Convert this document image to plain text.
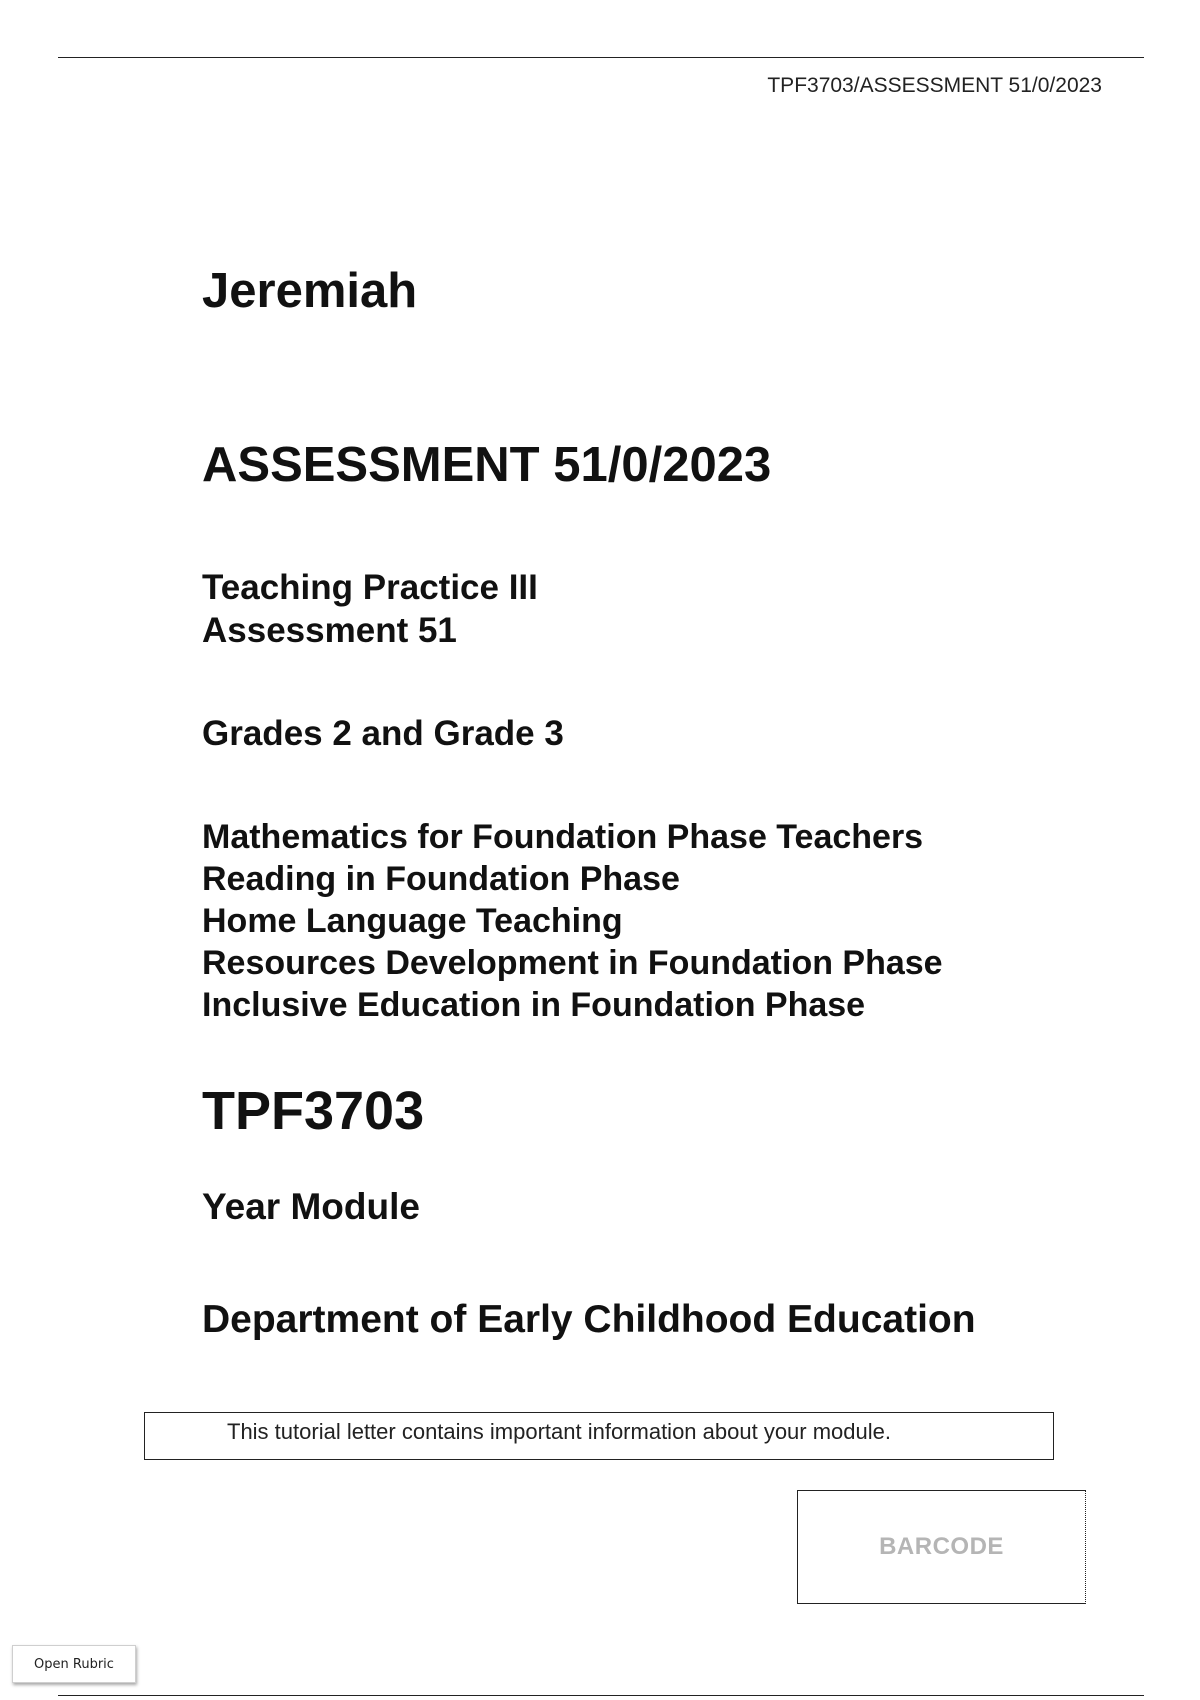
TPF3703/ASSESSMENT 51/0/2023
Jeremiah
ASSESSMENT 51/0/2023
Teaching Practice III
Assessment 51
Grades 2 and Grade 3
Mathematics for Foundation Phase Teachers
Reading in Foundation Phase
Home Language Teaching
Resources Development in Foundation Phase
Inclusive Education in Foundation Phase
TPF3703
Year Module
Department of Early Childhood Education
This tutorial letter contains important information about your module.
BARCODE
Open Rubric
